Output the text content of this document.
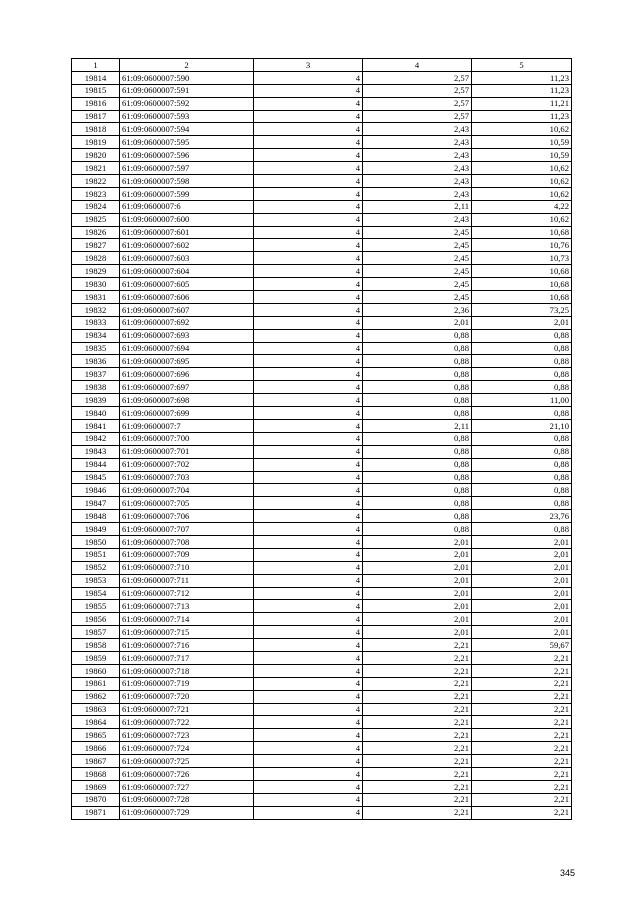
1	2	3	4	5
19814	61:09:0600007:590	4	2,57	11,23
19815	61:09:0600007:591	4	2,57	11,23
19816	61:09:0600007:592	4	2,57	11,21
19817	61:09:0600007:593	4	2,57	11,23
19818	61:09:0600007:594	4	2,43	10,62
19819	61:09:0600007:595	4	2,43	10,59
19820	61:09:0600007:596	4	2,43	10,59
19821	61:09:0600007:597	4	2,43	10,62
19822	61:09:0600007:598	4	2,43	10,62
19823	61:09:0600007:599	4	2,43	10,62
19824	61:09:0600007:6	4	2,11	4,22
19825	61:09:0600007:600	4	2,43	10,62
19826	61:09:0600007:601	4	2,45	10,68
19827	61:09:0600007:602	4	2,45	10,76
19828	61:09:0600007:603	4	2,45	10,73
19829	61:09:0600007:604	4	2,45	10,68
19830	61:09:0600007:605	4	2,45	10,68
19831	61:09:0600007:606	4	2,45	10,68
19832	61:09:0600007:607	4	2,36	73,25
19833	61:09:0600007:692	4	2,01	2,01
19834	61:09:0600007:693	4	0,88	0,88
19835	61:09:0600007:694	4	0,88	0,88
19836	61:09:0600007:695	4	0,88	0,88
19837	61:09:0600007:696	4	0,88	0,88
19838	61:09:0600007:697	4	0,88	0,88
19839	61:09:0600007:698	4	0,88	11,00
19840	61:09:0600007:699	4	0,88	0,88
19841	61:09:0600007:7	4	2,11	21,10
19842	61:09:0600007:700	4	0,88	0,88
19843	61:09:0600007:701	4	0,88	0,88
19844	61:09:0600007:702	4	0,88	0,88
19845	61:09:0600007:703	4	0,88	0,88
19846	61:09:0600007:704	4	0,88	0,88
19847	61:09:0600007:705	4	0,88	0,88
19848	61:09:0600007:706	4	0,88	23,76
19849	61:09:0600007:707	4	0,88	0,88
19850	61:09:0600007:708	4	2,01	2,01
19851	61:09:0600007:709	4	2,01	2,01
19852	61:09:0600007:710	4	2,01	2,01
19853	61:09:0600007:711	4	2,01	2,01
19854	61:09:0600007:712	4	2,01	2,01
19855	61:09:0600007:713	4	2,01	2,01
19856	61:09:0600007:714	4	2,01	2,01
19857	61:09:0600007:715	4	2,01	2,01
19858	61:09:0600007:716	4	2,21	59,67
19859	61:09:0600007:717	4	2,21	2,21
19860	61:09:0600007:718	4	2,21	2,21
19861	61:09:0600007:719	4	2,21	2,21
19862	61:09:0600007:720	4	2,21	2,21
19863	61:09:0600007:721	4	2,21	2,21
19864	61:09:0600007:722	4	2,21	2,21
19865	61:09:0600007:723	4	2,21	2,21
19866	61:09:0600007:724	4	2,21	2,21
19867	61:09:0600007:725	4	2,21	2,21
19868	61:09:0600007:726	4	2,21	2,21
19869	61:09:0600007:727	4	2,21	2,21
19870	61:09:0600007:728	4	2,21	2,21
19871	61:09:0600007:729	4	2,21	2,21
345
